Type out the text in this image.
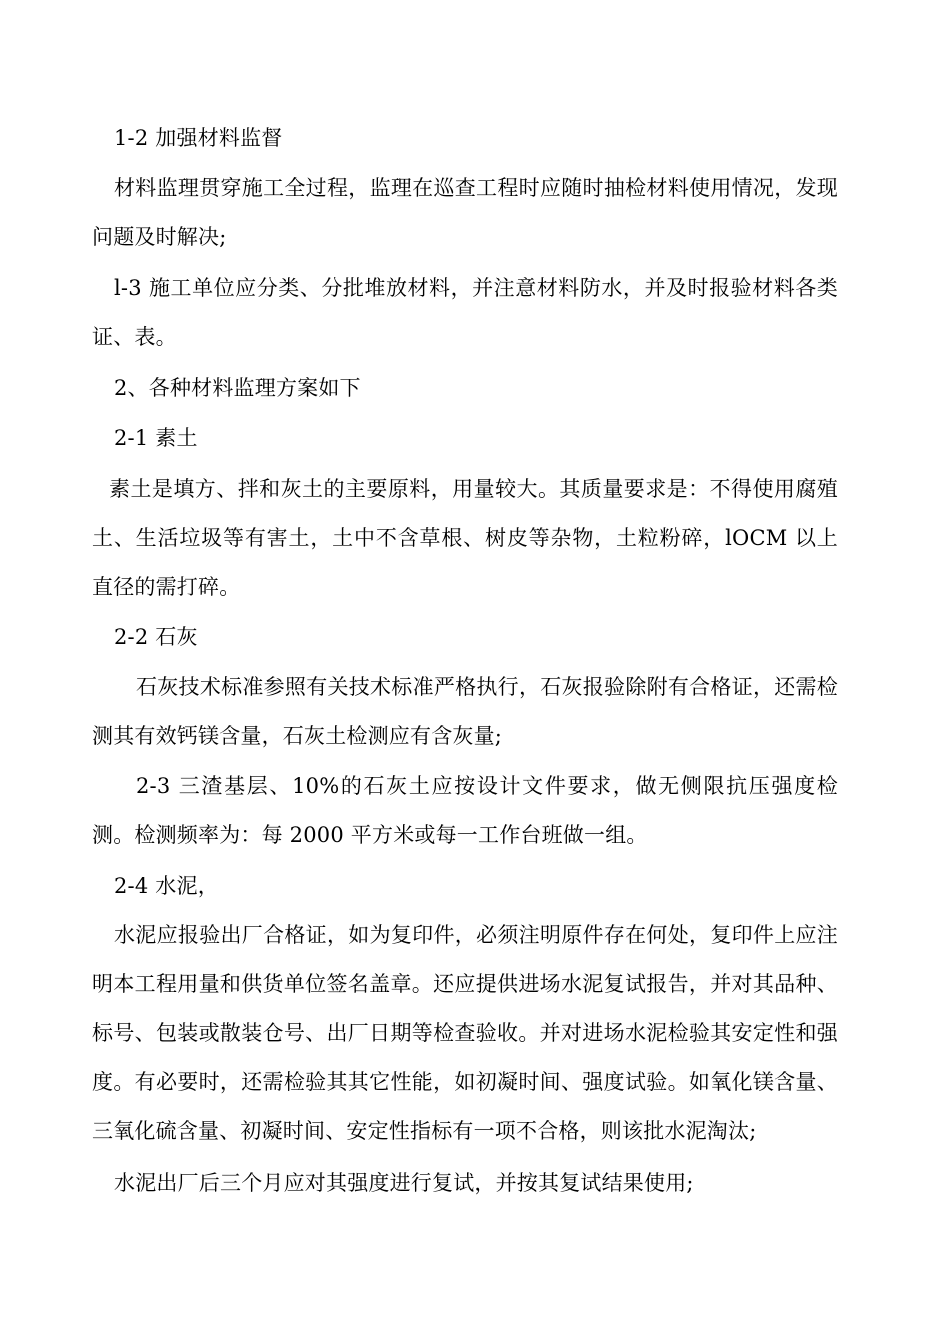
1-2 加强材料监督

材料监理贯穿施工全过程，监理在巡查工程时应随时抽检材料使用情况，发现问题及时解决;

l-3 施工单位应分类、分批堆放材料，并注意材料防水，并及时报验材料各类证、表。

2、各种材料监理方案如下

2-1 素土

素土是填方、拌和灰土的主要原料，用量较大。其质量要求是：不得使用腐殖土、生活垃圾等有害土，土中不含草根、树皮等杂物，土粒粉碎，lOCM 以上直径的需打碎。

2-2 石灰

石灰技术标准参照有关技术标准严格执行，石灰报验除附有合格证，还需检测其有效钙镁含量，石灰土检测应有含灰量;

2-3 三渣基层、10%的石灰土应按设计文件要求，做无侧限抗压强度检测。检测频率为：每 2000 平方米或每一工作台班做一组。

2-4 水泥，

水泥应报验出厂合格证，如为复印件，必须注明原件存在何处，复印件上应注明本工程用量和供货单位签名盖章。还应提供进场水泥复试报告，并对其品种、标号、包装或散装仓号、出厂日期等检查验收。并对进场水泥检验其安定性和强度。有必要时，还需检验其其它性能，如初凝时间、强度试验。如氧化镁含量、三氧化硫含量、初凝时间、安定性指标有一项不合格，则该批水泥淘汰;

水泥出厂后三个月应对其强度进行复试，并按其复试结果使用;
